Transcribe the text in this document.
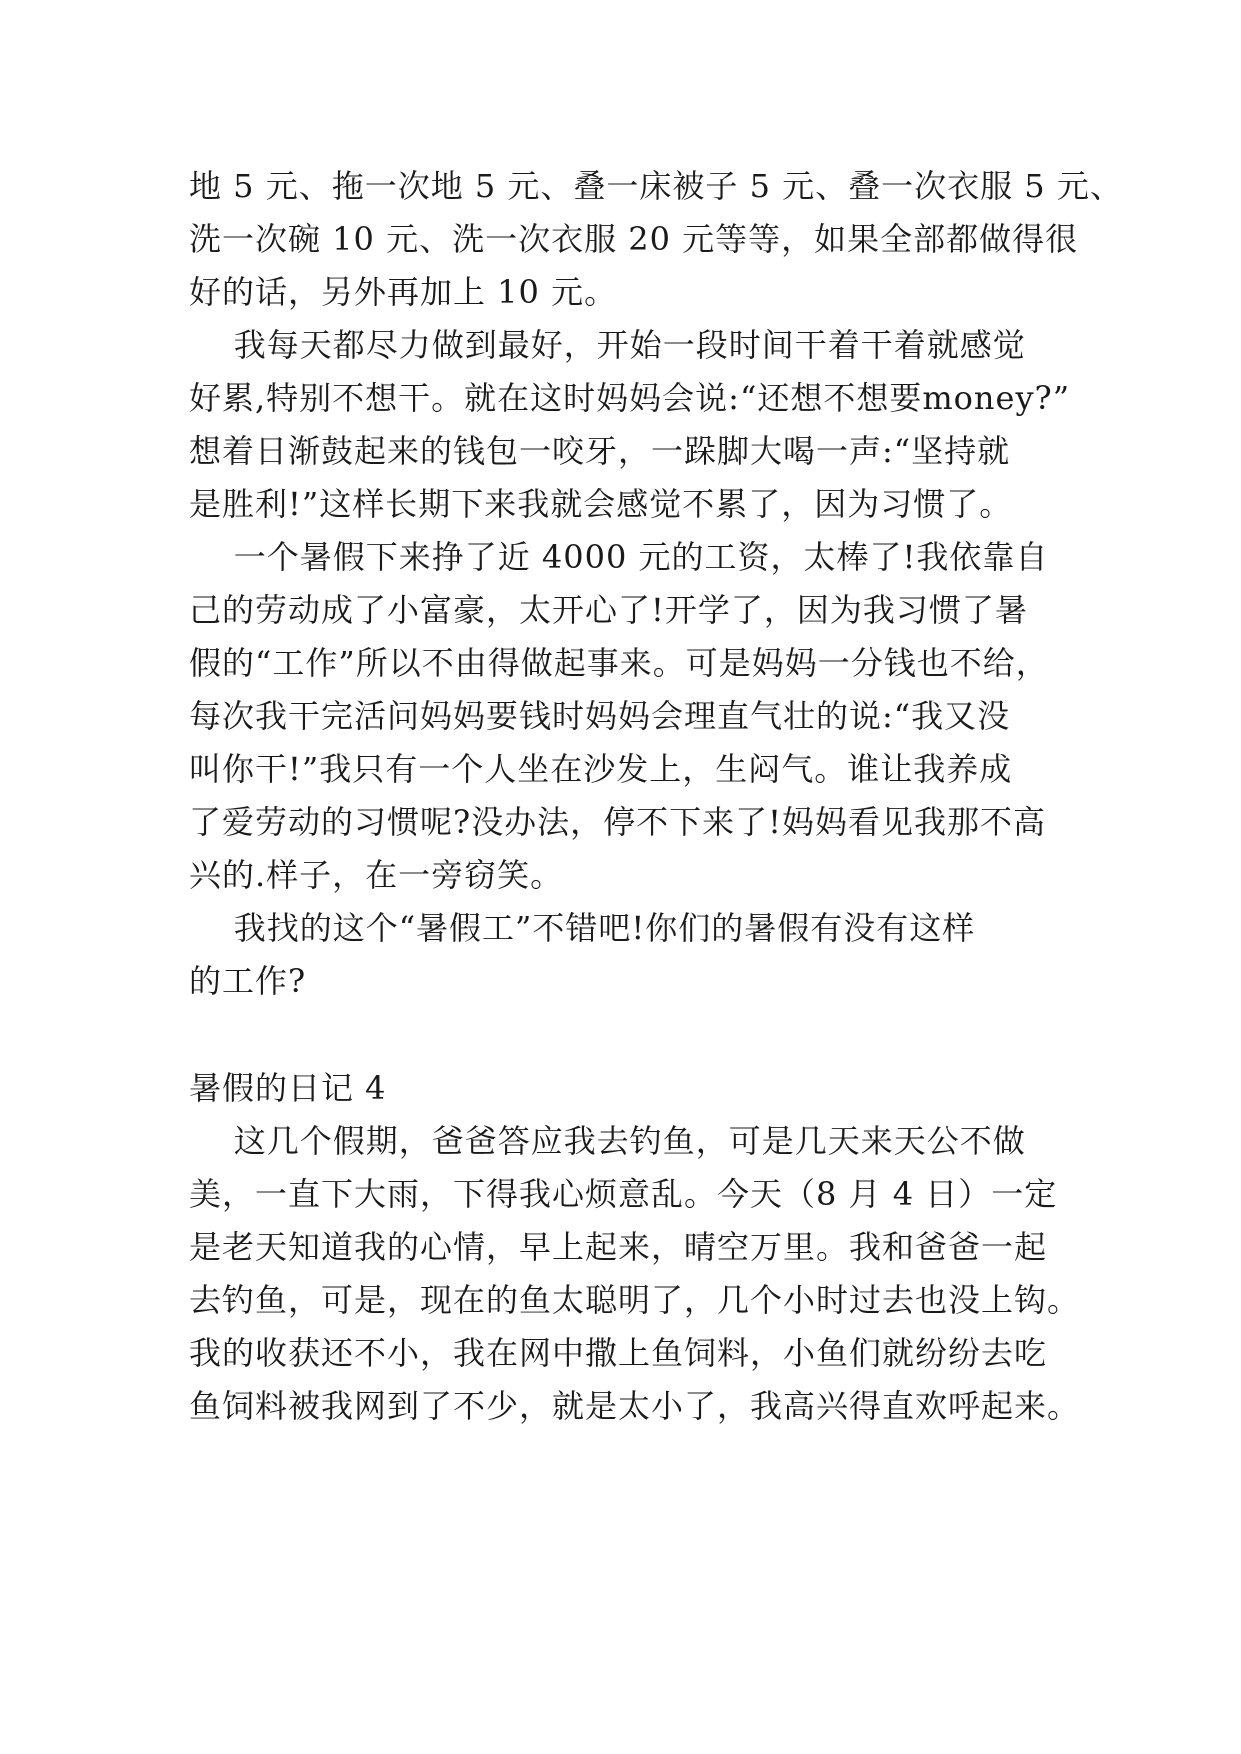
地 5 元、拖一次地 5 元、叠一床被子 5 元、叠一次衣服 5 元、
洗一次碗 10 元、洗一次衣服 20 元等等，如果全部都做得很
好的话，另外再加上 10 元。
我每天都尽力做到最好，开始一段时间干着干着就感觉
好累,特别不想干。就在这时妈妈会说:“还想不想要money?”
想着日渐鼓起来的钱包一咬牙，一跺脚大喝一声:“坚持就
是胜利!”这样长期下来我就会感觉不累了，因为习惯了。
一个暑假下来挣了近 4000 元的工资，太棒了!我依靠自
己的劳动成了小富豪，太开心了!开学了，因为我习惯了暑
假的“工作”所以不由得做起事来。可是妈妈一分钱也不给，
每次我干完活问妈妈要钱时妈妈会理直气壮的说:“我又没
叫你干!”我只有一个人坐在沙发上，生闷气。谁让我养成
了爱劳动的习惯呢?没办法，停不下来了!妈妈看见我那不高
兴的.样子，在一旁窃笑。
我找的这个“暑假工”不错吧!你们的暑假有没有这样
的工作?
暑假的日记 4
这几个假期，爸爸答应我去钓鱼，可是几天来天公不做
美，一直下大雨，下得我心烦意乱。今天（8 月 4 日）一定
是老天知道我的心情，早上起来，晴空万里。我和爸爸一起
去钓鱼，可是，现在的鱼太聪明了，几个小时过去也没上钩。
我的收获还不小，我在网中撒上鱼饲料，小鱼们就纷纷去吃
鱼饲料被我网到了不少，就是太小了，我高兴得直欢呼起来。
